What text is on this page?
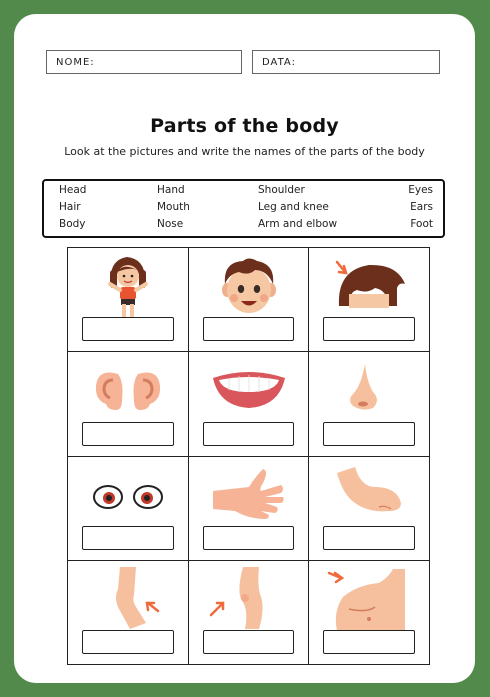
NOME:	DATA:
Parts of the body
Look at the pictures and write the names of the parts of the body
Head	Hand	Shoulder	Eyes
Hair	Mouth	Leg and knee	Ears
Body	Nose	Arm and elbow	Foot
